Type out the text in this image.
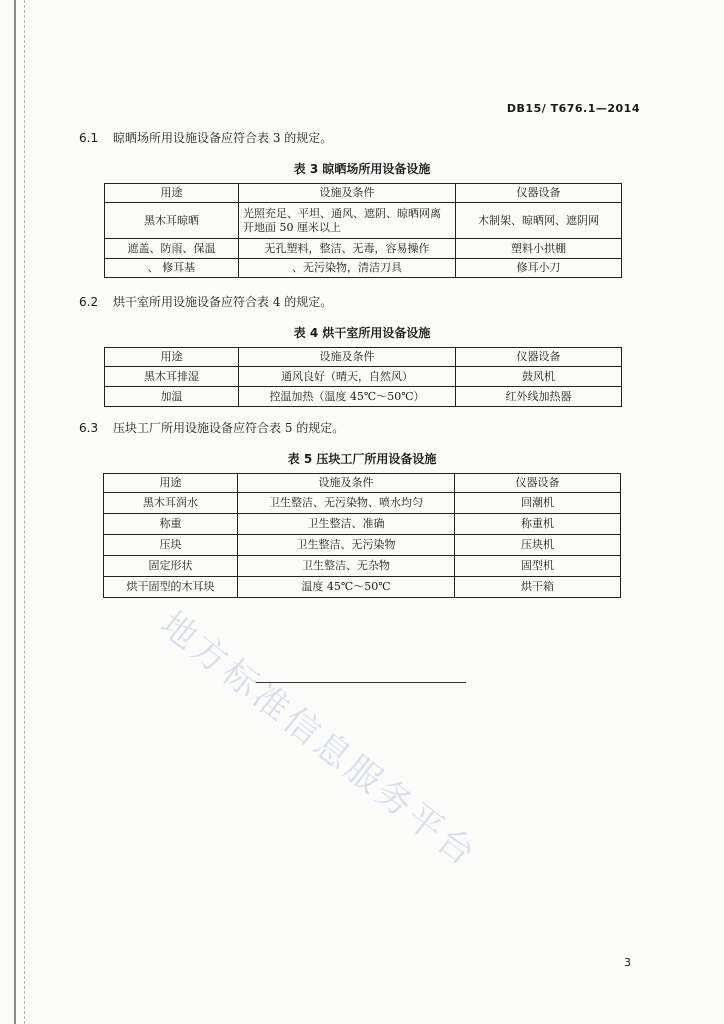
DB15/ T676.1—2014
6.1 晾晒场所用设施设备应符合表 3 的规定。
表 3 晾晒场所用设备设施
用途	设施及条件	仪器设备
黑木耳晾晒	光照充足、平坦、通风、遮阴、晾晒网离开地面 50 厘米以上	木制架、晾晒网、遮阴网
遮盖、防雨、保温	无孔塑料，整洁、无毒，容易操作	塑料小拱棚
、 修耳基	、无污染物，清洁刀具	修耳小刀
6.2 烘干室所用设施设备应符合表 4 的规定。
表 4 烘干室所用设备设施
用途	设施及条件	仪器设备
黑木耳排湿	通风良好（晴天，自然风）	鼓风机
加温	控温加热（温度 45℃～50℃）	红外线加热器
6.3 压块工厂所用设施设备应符合表 5 的规定。
表 5 压块工厂所用设备设施
用途	设施及条件	仪器设备
黑木耳润水	卫生整洁、无污染物、喷水均匀	回潮机
称重	卫生整洁、准确	称重机
压块	卫生整洁、无污染物	压块机
固定形状	卫生整洁、无杂物	固型机
烘干固型的木耳块	温度 45℃～50℃	烘干箱
地方标准信息服务平台
3
